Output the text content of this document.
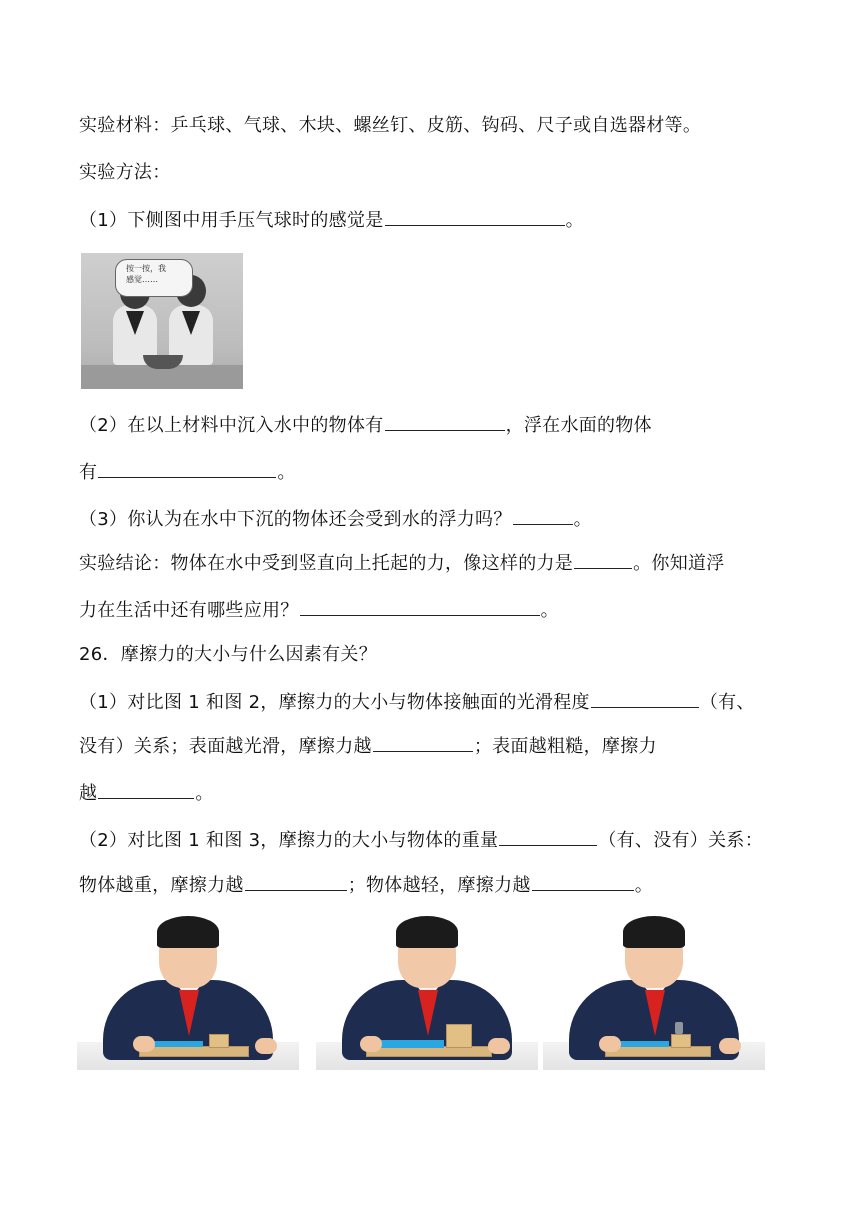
实验材料：乒乓球、气球、木块、螺丝钉、皮筋、钩码、尺子或自选器材等。
实验方法：
（1）下侧图中用手压气球时的感觉是	。
按一按，我
感觉……
（2）在以上材料中沉入水中的物体有	，浮在水面的物体
有	。
（3）你认为在水中下沉的物体还会受到水的浮力吗？	。
实验结论：物体在水中受到竖直向上托起的力，像这样的力是	。你知道浮
力在生活中还有哪些应用？	。
26．摩擦力的大小与什么因素有关？
（1）对比图 1 和图 2，摩擦力的大小与物体接触面的光滑程度	（有、
没有）关系；表面越光滑，摩擦力越	；表面越粗糙，摩擦力
越	。
（2）对比图 1 和图 3，摩擦力的大小与物体的重量	（有、没有）关系：
物体越重，摩擦力越	；物体越轻，摩擦力越	。
